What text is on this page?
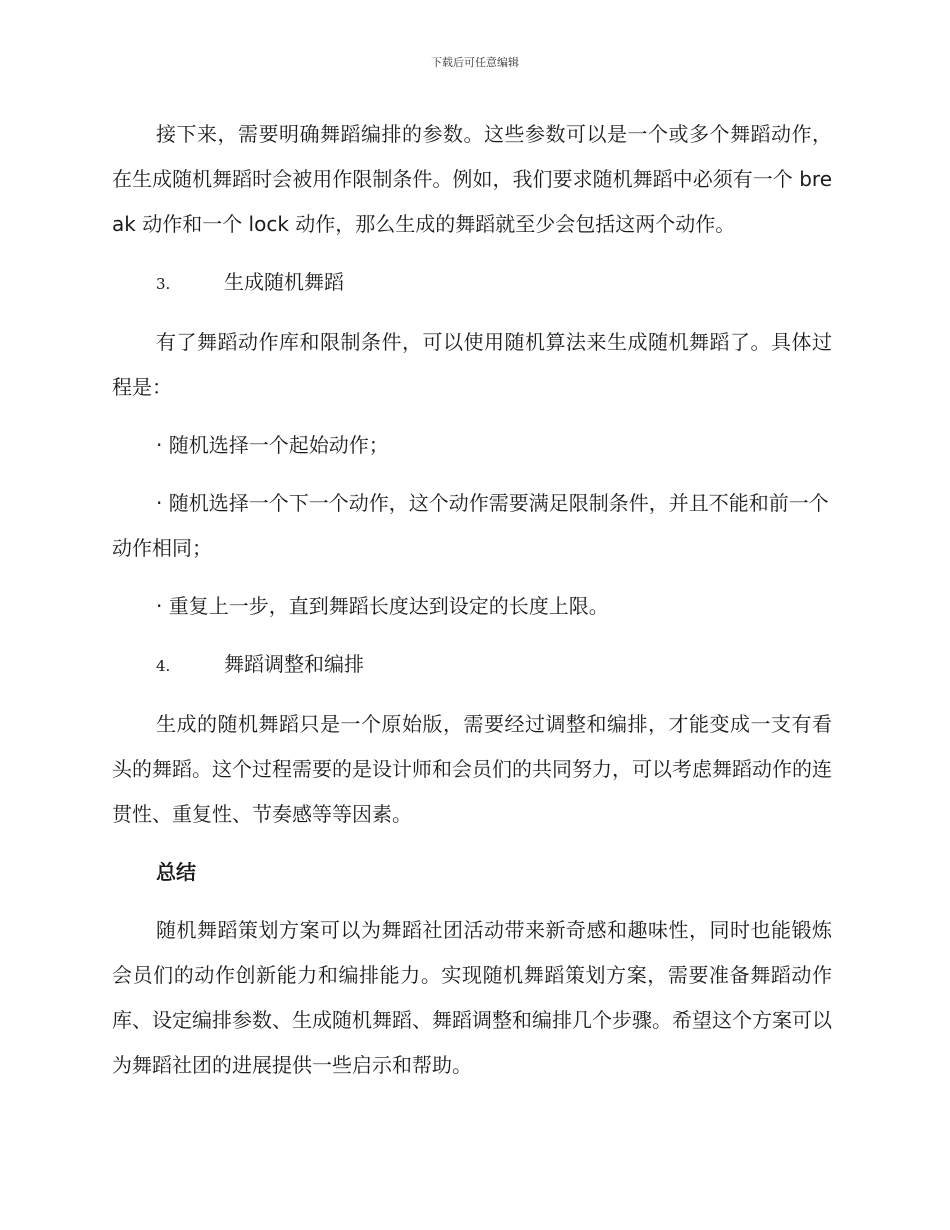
下载后可任意编辑

接下来，需要明确舞蹈编排的参数。这些参数可以是一个或多个舞蹈动作，在生成随机舞蹈时会被用作限制条件。例如，我们要求随机舞蹈中必须有一个 break 动作和一个 lock 动作，那么生成的舞蹈就至少会包括这两个动作。

3.	生成随机舞蹈

有了舞蹈动作库和限制条件，可以使用随机算法来生成随机舞蹈了。具体过程是：

· 随机选择一个起始动作；

· 随机选择一个下一个动作，这个动作需要满足限制条件，并且不能和前一个动作相同；

· 重复上一步，直到舞蹈长度达到设定的长度上限。

4.	舞蹈调整和编排

生成的随机舞蹈只是一个原始版，需要经过调整和编排，才能变成一支有看头的舞蹈。这个过程需要的是设计师和会员们的共同努力，可以考虑舞蹈动作的连贯性、重复性、节奏感等等因素。

总结

随机舞蹈策划方案可以为舞蹈社团活动带来新奇感和趣味性，同时也能锻炼会员们的动作创新能力和编排能力。实现随机舞蹈策划方案，需要准备舞蹈动作库、设定编排参数、生成随机舞蹈、舞蹈调整和编排几个步骤。希望这个方案可以为舞蹈社团的进展提供一些启示和帮助。
